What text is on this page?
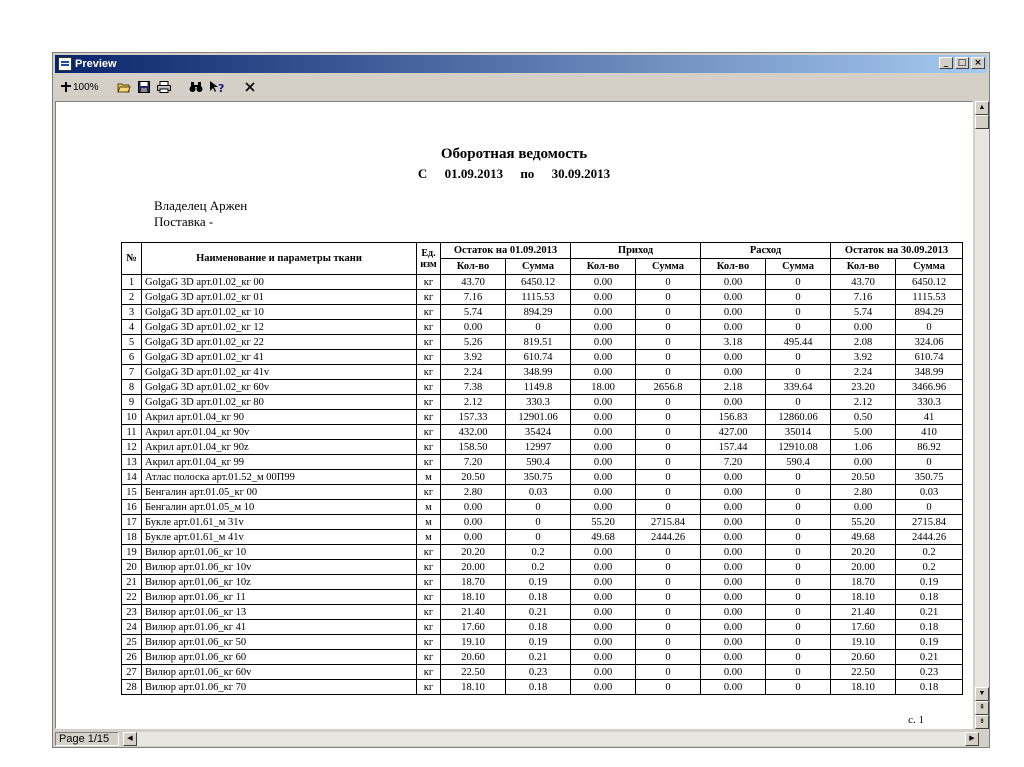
Preview	_	□ ×
100%	?
Оборотная ведомость
С 01.09.2013 по 30.09.2013
Владелец Аржен
Поставка -
№	Наименование и параметры ткани	Ед. изм	Остаток на 01.09.2013		Приход		Расход		Остаток на 30.09.2013	
			Кол-во	Сумма	Кол-во	Сумма	Кол-во	Сумма	Кол-во	Сумма
1	GolgaG 3D арт.01.02_кг 00	кг	43.70	6450.12	0.00	0	0.00	0	43.70	6450.12
2	GolgaG 3D арт.01.02_кг 01	кг	7.16	1115.53	0.00	0	0.00	0	7.16	1115.53
3	GolgaG 3D арт.01.02_кг 10	кг	5.74	894.29	0.00	0	0.00	0	5.74	894.29
4	GolgaG 3D арт.01.02_кг 12	кг	0.00	0	0.00	0	0.00	0	0.00	0
5	GolgaG 3D арт.01.02_кг 22	кг	5.26	819.51	0.00	0	3.18	495.44	2.08	324.06
6	GolgaG 3D арт.01.02_кг 41	кг	3.92	610.74	0.00	0	0.00	0	3.92	610.74
7	GolgaG 3D арт.01.02_кг 41v	кг	2.24	348.99	0.00	0	0.00	0	2.24	348.99
8	GolgaG 3D арт.01.02_кг 60v	кг	7.38	1149.8	18.00	2656.8	2.18	339.64	23.20	3466.96
9	GolgaG 3D арт.01.02_кг 80	кг	2.12	330.3	0.00	0	0.00	0	2.12	330.3
10	Акрил арт.01.04_кг 90	кг	157.33	12901.06	0.00	0	156.83	12860.06	0.50	41
11	Акрил арт.01.04_кг 90v	кг	432.00	35424	0.00	0	427.00	35014	5.00	410
12	Акрил арт.01.04_кг 90z	кг	158.50	12997	0.00	0	157.44	12910.08	1.06	86.92
13	Акрил арт.01.04_кг 99	кг	7.20	590.4	0.00	0	7.20	590.4	0.00	0
14	Атлас полоска арт.01.52_м 00П99	м	20.50	350.75	0.00	0	0.00	0	20.50	350.75
15	Бенгалин арт.01.05_кг 00	кг	2.80	0.03	0.00	0	0.00	0	2.80	0.03
16	Бенгалин арт.01.05_м 10	м	0.00	0	0.00	0	0.00	0	0.00	0
17	Букле арт.01.61_м 31v	м	0.00	0	55.20	2715.84	0.00	0	55.20	2715.84
18	Букле арт.01.61_м 41v	м	0.00	0	49.68	2444.26	0.00	0	49.68	2444.26
19	Вилюр арт.01.06_кг 10	кг	20.20	0.2	0.00	0	0.00	0	20.20	0.2
20	Вилюр арт.01.06_кг 10v	кг	20.00	0.2	0.00	0	0.00	0	20.00	0.2
21	Вилюр арт.01.06_кг 10z	кг	18.70	0.19	0.00	0	0.00	0	18.70	0.19
22	Вилюр арт.01.06_кг 11	кг	18.10	0.18	0.00	0	0.00	0	18.10	0.18
23	Вилюр арт.01.06_кг 13	кг	21.40	0.21	0.00	0	0.00	0	21.40	0.21
24	Вилюр арт.01.06_кг 41	кг	17.60	0.18	0.00	0	0.00	0	17.60	0.18
25	Вилюр арт.01.06_кг 50	кг	19.10	0.19	0.00	0	0.00	0	19.10	0.19
26	Вилюр арт.01.06_кг 60	кг	20.60	0.21	0.00	0	0.00	0	20.60	0.21
27	Вилюр арт.01.06_кг 60v	кг	22.50	0.23	0.00	0	0.00	0	22.50	0.23
28	Вилюр арт.01.06_кг 70	кг	18.10	0.18	0.00	0	0.00	0	18.10	0.18
с. 1
▲
▼
⇞
⇟
Page 1/15	◀	▶
